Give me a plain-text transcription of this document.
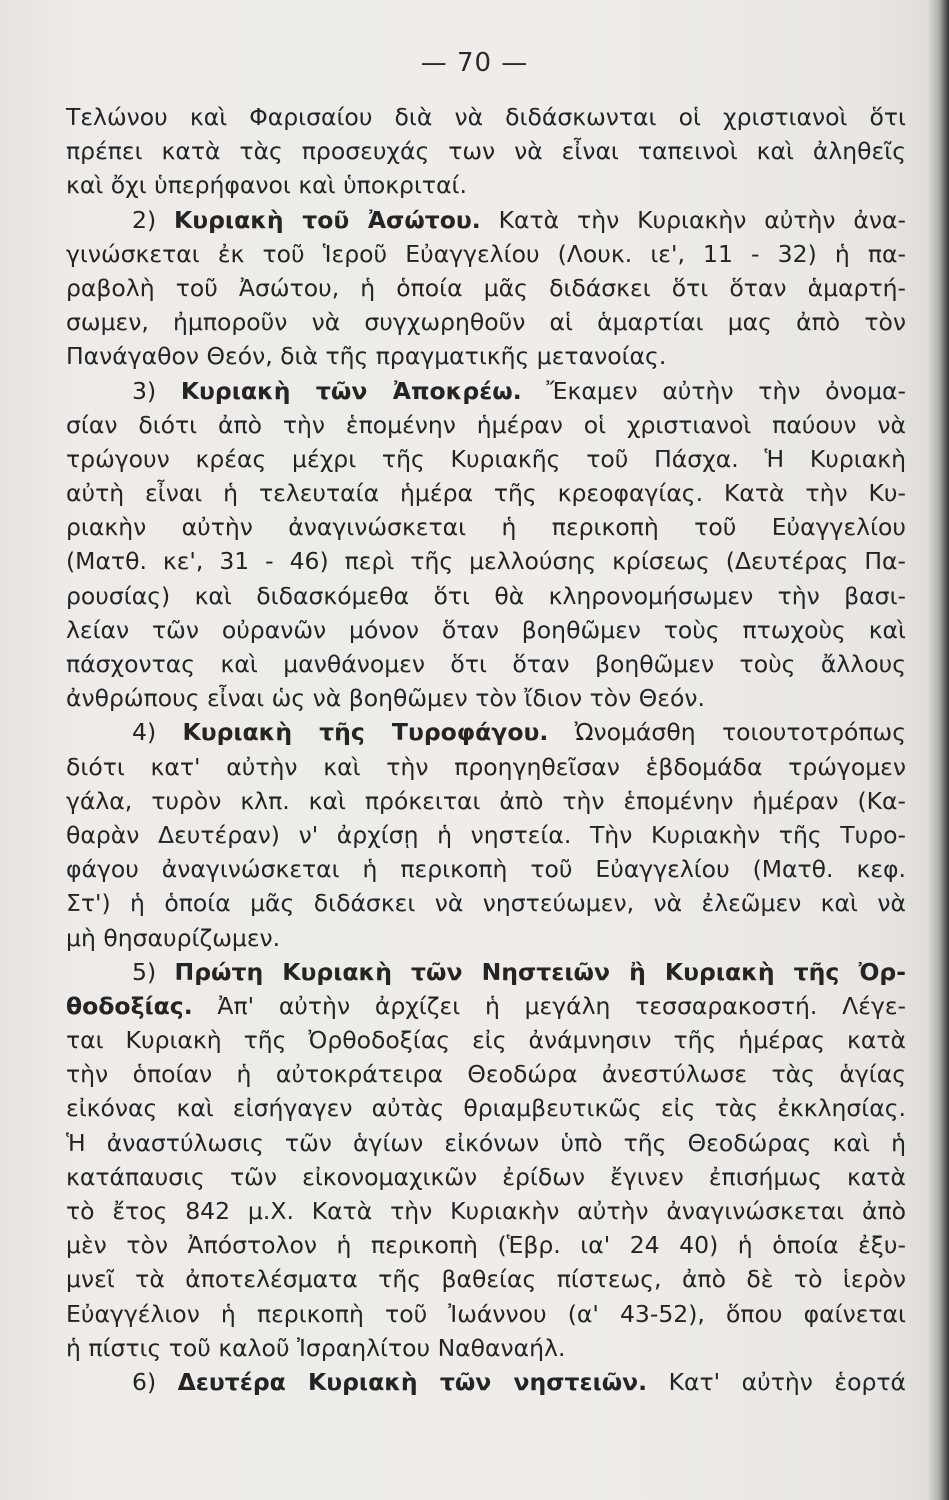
— 70 —
Τελώνου καὶ Φαρισαίου διὰ νὰ διδάσκωνται οἱ χριστιανοὶ ὅτι
πρέπει κατὰ τὰς προσευχάς των νὰ εἶναι ταπεινοὶ καὶ ἀληθεῖς
καὶ ὄχι ὑπερήφανοι καὶ ὑποκριταί.
2) Κυριακὴ τοῦ Ἀσώτου. Κατὰ τὴν Κυριακὴν αὐτὴν ἀνα-
γινώσκεται ἐκ τοῦ Ἱεροῦ Εὐαγγελίου (Λουκ. ιε', 11 - 32) ἡ πα-
ραβολὴ τοῦ Ἀσώτου, ἡ ὁποία μᾶς διδάσκει ὅτι ὅταν ἁμαρτή-
σωμεν, ἠμποροῦν νὰ συγχωρηθοῦν αἱ ἁμαρτίαι μας ἀπὸ τὸν
Πανάγαθον Θεόν, διὰ τῆς πραγματικῆς μετανοίας.
3) Κυριακὴ τῶν Ἀποκρέω. Ἔκαμεν αὐτὴν τὴν ὀνομα-
σίαν διότι ἀπὸ τὴν ἑπομένην ἡμέραν οἱ χριστιανοὶ παύουν νὰ
τρώγουν κρέας μέχρι τῆς Κυριακῆς τοῦ Πάσχα. Ἡ Κυριακὴ
αὐτὴ εἶναι ἡ τελευταία ἡμέρα τῆς κρεοφαγίας. Κατὰ τὴν Κυ-
ριακὴν αὐτὴν ἀναγινώσκεται ἡ περικοπὴ τοῦ Εὐαγγελίου
(Ματθ. κε', 31 - 46) περὶ τῆς μελλούσης κρίσεως (Δευτέρας Πα-
ρουσίας) καὶ διδασκόμεθα ὅτι θὰ κληρονομήσωμεν τὴν βασι-
λείαν τῶν οὐρανῶν μόνον ὅταν βοηθῶμεν τοὺς πτωχοὺς καὶ
πάσχοντας καὶ μανθάνομεν ὅτι ὅταν βοηθῶμεν τοὺς ἄλλους
ἀνθρώπους εἶναι ὡς νὰ βοηθῶμεν τὸν ἴδιον τὸν Θεόν.
4) Κυριακὴ τῆς Τυροφάγου. Ὠνομάσθη τοιουτοτρόπως
διότι κατ' αὐτὴν καὶ τὴν προηγηθεῖσαν ἑβδομάδα τρώγομεν
γάλα, τυρὸν κλπ. καὶ πρόκειται ἀπὸ τὴν ἑπομένην ἡμέραν (Κα-
θαρὰν Δευτέραν) ν' ἀρχίσῃ ἡ νηστεία. Τὴν Κυριακὴν τῆς Τυρο-
φάγου ἀναγινώσκεται ἡ περικοπὴ τοῦ Εὐαγγελίου (Ματθ. κεφ.
Στ') ἡ ὁποία μᾶς διδάσκει νὰ νηστεύωμεν, νὰ ἐλεῶμεν καὶ νὰ
μὴ θησαυρίζωμεν.
5) Πρώτη Κυριακὴ τῶν Νηστειῶν ἢ Κυριακὴ τῆς Ὀρ-
θοδοξίας. Ἀπ' αὐτὴν ἀρχίζει ἡ μεγάλη τεσσαρακοστή. Λέγε-
ται Κυριακὴ τῆς Ὀρθοδοξίας εἰς ἀνάμνησιν τῆς ἡμέρας κατὰ
τὴν ὁποίαν ἡ αὐτοκράτειρα Θεοδώρα ἀνεστύλωσε τὰς ἁγίας
εἰκόνας καὶ εἰσήγαγεν αὐτὰς θριαμβευτικῶς εἰς τὰς ἐκκλησίας.
Ἡ ἀναστύλωσις τῶν ἁγίων εἰκόνων ὑπὸ τῆς Θεοδώρας καὶ ἡ
κατάπαυσις τῶν εἰκονομαχικῶν ἐρίδων ἔγινεν ἐπισήμως κατὰ
τὸ ἔτος 842 μ.Χ. Κατὰ τὴν Κυριακὴν αὐτὴν ἀναγινώσκεται ἀπὸ
μὲν τὸν Ἀπόστολον ἡ περικοπὴ (Ἑβρ. ια' 24 40) ἡ ὁποία ἐξυ-
μνεῖ τὰ ἀποτελέσματα τῆς βαθείας πίστεως, ἀπὸ δὲ τὸ ἱερὸν
Εὐαγγέλιον ἡ περικοπὴ τοῦ Ἰωάννου (α' 43-52), ὅπου φαίνεται
ἡ πίστις τοῦ καλοῦ Ἰσραηλίτου Ναθαναήλ.
6) Δευτέρα Κυριακὴ τῶν νηστειῶν. Κατ' αὐτὴν ἑορτά
